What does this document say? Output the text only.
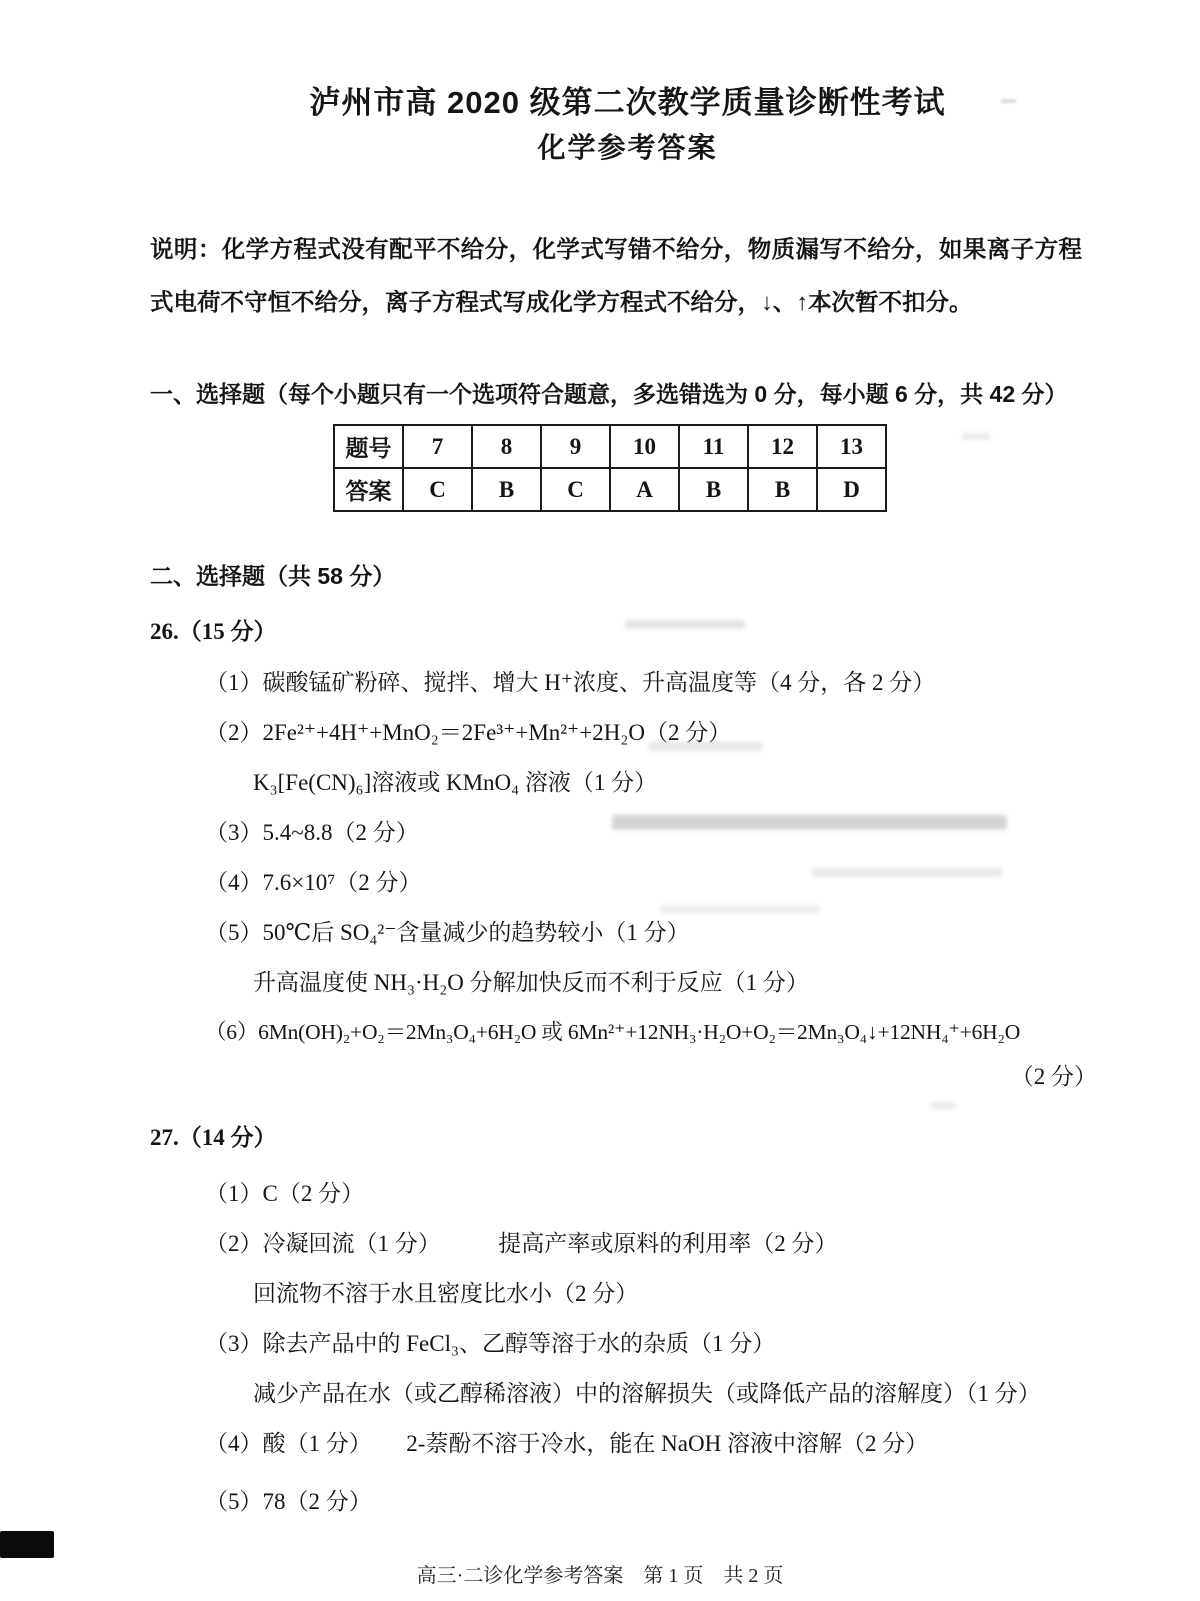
泸州市高 2020 级第二次教学质量诊断性考试
化学参考答案

说明：化学方程式没有配平不给分，化学式写错不给分，物质漏写不给分，如果离子方程式电荷不守恒不给分，离子方程式写成化学方程式不给分，↓、↑本次暂不扣分。

一、选择题（每个小题只有一个选项符合题意，多选错选为 0 分，每小题 6 分，共 42 分）

题号	7	8	9	10	11	12	13
答案	C	B	C	A	B	B	D

二、选择题（共 58 分）

26.（15 分）

（1）碳酸锰矿粉碎、搅拌、增大 H⁺浓度、升高温度等（4 分，各 2 分）
（2）2Fe²⁺+4H⁺+MnO₂＝2Fe³⁺+Mn²⁺+2H₂O（2 分）
K₃[Fe(CN)₆]溶液或 KMnO₄ 溶液（1 分）
（3）5.4~8.8（2 分）
（4）7.6×10⁷（2 分）
（5）50℃后 SO₄²⁻含量减少的趋势较小（1 分）
升高温度使 NH₃·H₂O 分解加快反而不利于反应（1 分）
（6）6Mn(OH)₂+O₂＝2Mn₃O₄+6H₂O 或 6Mn²⁺+12NH₃·H₂O+O₂＝2Mn₃O₄↓+12NH₄⁺+6H₂O
（2 分）

27.（14 分）

（1）C（2 分）
（2）冷凝回流（1 分）　　　提高产率或原料的利用率（2 分）
回流物不溶于水且密度比水小（2 分）
（3）除去产品中的 FeCl₃、乙醇等溶于水的杂质（1 分）
减少产品在水（或乙醇稀溶液）中的溶解损失（或降低产品的溶解度）（1 分）
（4）酸（1 分）　　2-萘酚不溶于冷水，能在 NaOH 溶液中溶解（2 分）
（5）78（2 分）
高三·二诊化学参考答案　第 1 页　共 2 页
